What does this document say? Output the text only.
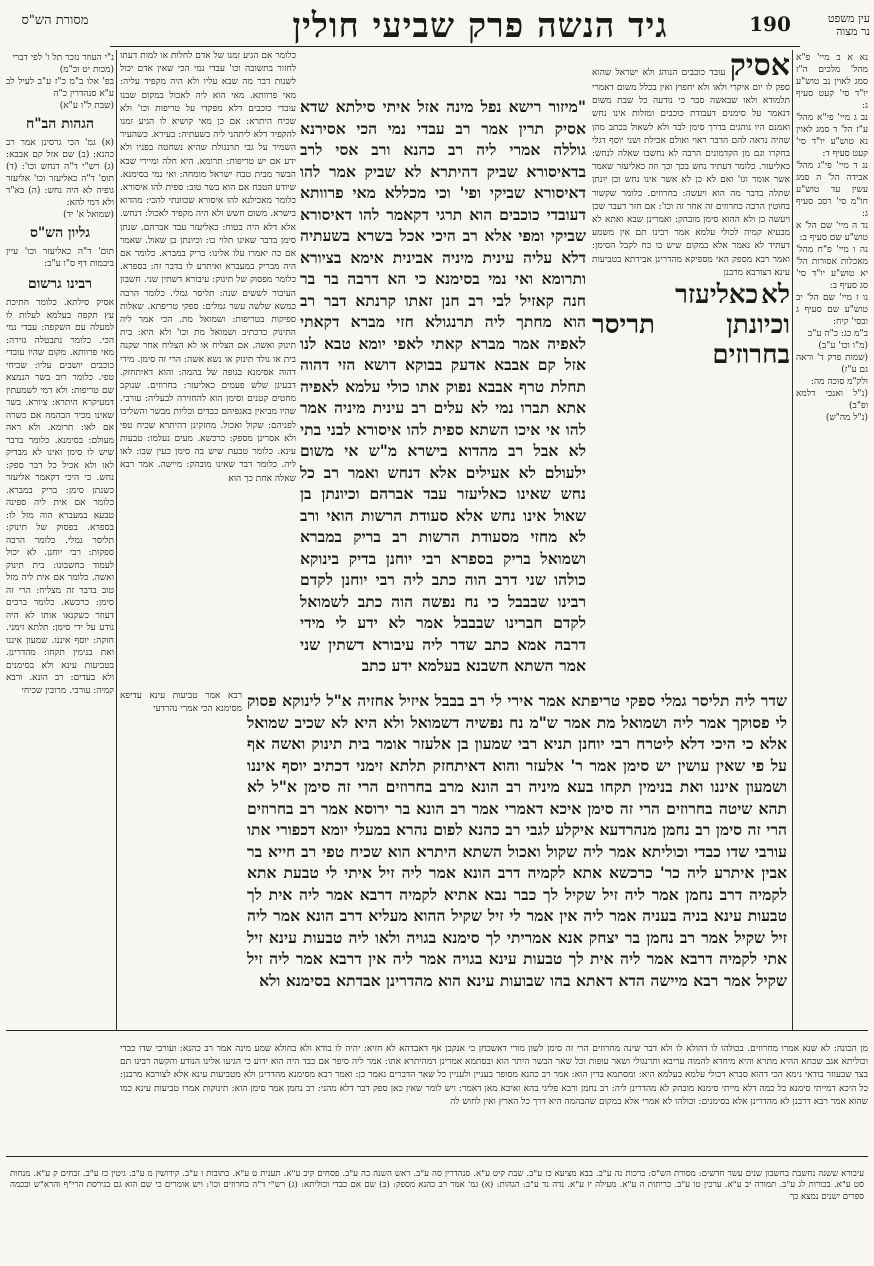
190
גיד הנשה פרק שביעי חולין
מסורת הש"ס	עין משפט
נר מצוה

נא א ב מיי' פ"א מהל' מלכים ה"ז סמג לאוין נב טוש"ע יו"ד סי' קעט סעיף ג:

נב ג מיי' פי"א מהל' ע"ז הל' ד סמג לאוין נא טוש"ע יו"ד סי' קעט סעיף ד:

נג ד מיי' פי"ג מהל' אבידה הל' ה סמג עשין עד טוש"ע חו"מ סי' רסב סעיף ג:

נד ה מיי' שם הל' א טוש"ע שם סעיף ב:

נה ו מיי' פ"ח מהל' מאכלות אסורות הל' יא טוש"ע יו"ד סי' סג סעיף ב:

נו ז מיי' שם הל' יב טוש"ע שם סעיף ג ובסי' קיח:

ב"מ כג: כ"ה ע"ב

(מ"ו וכו' ע"ב)

(שמות פרק ד' וראה גם ע"ז)

ולק"מ סוכה מה:

(נ"ל ואנכי דלמא ופ"ב)

(נ"ל מה"ש)

אסיק עובד כוכבים הנוהג ולא ישראל שהוא ספק לו יום איקרי ולאו ולא יחפוץ ואין בכלל משום דאמרי תלמודא ולאו שבאשה סבר כי נודעה כל שבת משום דנאמר על סימנים דעבודת כוכבים ומזלות אינו נחש ואמנם היו נוהגים בדרך סימן לבד ולא לשאול בכתב מהן שהיה נראה להם הדבר ראוי ואולם אכילת ושני יוסף דגלי בחקרו וגם מן הקדמונים הרבה לא נחשבו שאלה לנחש: כאליעזר. כלומר דעתיד נחש בכך וכך וזה כאליעזר שאמר אשר אומר וגו' ואם לא כן לא אשר אינו נחש וכן יונתן שתלה בדבר מה הוא ויעשה: בחרוזים. כלומר שקשור בחוטין הרבה כחרוזים זה אחר זה וכו': אם חזר דעבר שכן ויעשה כן ולא ההוא סימן מובהק: ואמרינן שבא ואתא לא מבעיא קמיה לכולי עלמא אמר רבינו תם אין משמע דעתיד לא נאמר אלא במקום שיש בו כח לקבל הסימן: ואמר רבא מספק האי מספיקא מהדרינן אבידתא בטביעות עינא דצורבא מרבנן
לא כאליעזר
וכיונתן תריסר בחרוזים

"מיזור רישא נפל מינה אזל איתי סילתא שדא אסיק תרין אמר רב עבדי נמי הכי אסירנא גוללה אמרי ליה רב כהנא ורב אסי לרב בדאיסורא שביק דהיתרא לא שביק אמר להו דאיסורא שביקי ופי' וכי מכללא מאי פרוותא דעובדי כוכבים הוא תרגי דקאמר להו דאיסורא שביקי ומפי אלא רב היכי אכל בשרא בשעתיה דלא עליה עינית מיניה אבינית אימא בציורא ותרומא ואי נמי בסימנא כי הא דרבה בר בר חנה קאזיל לבי רב חנן זאתו קרנתא דבר רב הוא מחתך ליה תרנגולא חזי מברא דקאתי לאפיה אמר מברא קאתי לאפי יומא טבא לנו אזל קם אבבא אדעק בבוקא דושא הזי דהוה תחלת טרף אבבא נפוק אתו כולי עלמא לאפיה אתא תברו נמי לא עלים רב עינית מיניה אמר להו אי איכו השתא ספית להו איסורא לבני בתי לא אבל רב מהדוא בישרא מ"ש אי משום ילעולם לא אעילים אלא דנחש ואמר רב כל נחש שאינו כאליעזר עבד אברהם וכיונתן בן שאול אינו נחש אלא סעודת הרשות הואי ורב לא מחזי מסעודת הרשות רב בריק במברא ושמואל בריק בספרא רבי יוחנן בדיק בינוקא כולהו שני דרב הוה כתב ליה רבי יוחנן לקדם רבינו שבבבל כי נח נפשה הוה כתב לשמואל לקדם חברינו שבבבל אמר לא ידע לי מידי דרבה אמא כתב שדר ליה עיבורא דשתין שני אמר השתא חשבנא בעלמא ידע כתב

כלומר אם הגיע זמנו של אדם לחלות או למות דעתו לחזור בתשובה וכו' עבדי נמי הכי שאין אדם יכול לשנות דבר מה שבא עליו ולא היה מקפיד עליה: מאי פרוותא. מאי הוא ליה לאכול במקום שבנו עובדי כוכבים דלא מפקדי על טריפות וכו' ולא שכיח היתרא: אם כן מאי קושיא לו הגיע זמנו להקפיד דלא ליתהני ליה בשעתיה: בעירא. כשהעיר השמיר על גבי תרנגולת שהיא נשחטה בפניו ולא ידע אם יש טריפות: תרומא. היא חלה ומיירי שבא הבשר מבית טבח ישראל מומחה: ואי נמי בסימנא. שיודע הטבח אם הוא בשר טוב: ספית להו איסורא. כלומר מאכילנא להו איסורא שכוונתי להכי: מהדוא בישרא. משום חשש ולא היה מקפיד לאכול: דנחש. אלא דלא היה בטוח: כאליעזר עבד אברהם. שנתן סימן בדבר שאינו תלוי בו: וכיונתן בן שאול. שאמר אם כה יאמרו עלו אלינו: בריק במברא. כלומר אם היה מבריק במעברא ואיתרע לו בדבר זה: בספרא. כלומר מפסוק של תינוק: עיבורא דשתין שני. חשבון העיבור לששים שנה: תליסר גמלי. כלומר הרבה כמשא שלשה עשר גמלים: ספקי טריפתא. שאלות ספיקות בטריפות: ושמואל מת. הכי אמר ליה התינוק כדכתיב ושמואל מת וכו' ולא היא: בית תינוק ואשה. אם הצליח או לא הצליח אחר שקנה בית או נולד תינוק או נשא אשה: הרי זה סימן. מידי דהוה אסימנא בגופה של בהמה: והוא דאיתחזק. דבעינן שלש פעמים כאליעזר: בחרוזים. שנוקב מחטים קטנים וסימן הוא להחזירה לבעליה: עורבי. שהיו מביאין באגפיהם כבדים וכליות מבשר והשליכו לפניהם: שקול ואכול. מחזקינן דהיתרא שכיח טפי ולא אסרינן מספק: כרכשא. מעים נעלמו: טבעות עינא. כלומר טבעת שיש בה סימן כעין שבו: לאו ליה. כלומר דבר שאינו מובהק: מיישה. אמר רבא שאלה אחת כך הוא

שדר ליה תליסר גמלי ספקי טריפתא אמר אירי לי רב בבבל איזיל אחזיה א"ל לינוקא פסוק לי פסוקך אמר ליה ושמואל מת אמר ש"מ נח נפשיה דשמואל ולא היא לא שכיב שמואל אלא כי היכי דלא ליטרח רבי יוחנן תניא רבי שמעון בן אלעזר אומר בית תינוק ואשה אף על פי שאין עושין יש סימן אמר ר' אלעזר והוא דאיתחזק תלתא זימני דכתיב יוסף איננו ושמעון איננו ואת בנימין תקחו בעא מיניה רב הונא מרב בחרוזים הרי זה סימן א"ל לא תהא שיטה בחרוזים הרי זה סימן איכא דאמרי אמר רב הונא בר ירוסא אמר רב בחרוזים הרי זה סימן רב נחמן מנהרדעא איקלע לגבי רב כהנא לפום נהרא במעלי יומא דכפורי אתו עורבי שדו כבדי וכוליתא אמר ליה שקול ואכול השתא היתרא הוא שכיח טפי רב חייא בר אבין איתרע ליה כר' כרכשא אתא לקמיה דרב הונא אמר ליה זיל איתי לי טבעת אתא לקמיה דרב נחמן אמר ליה זיל שקיל לך כבר נבא אתיא לקמיה דרבא אמר ליה אית לך טבעות עינא בניה בעניה אמר ליה אין אמר לי זיל שקיל ההוא מעליא דרב הונא אמר ליה זיל שקיל אמר רב נחמן בר יצחק אנא אמריתי לך סימנא בגויה ולאו ליה טבעות עינא זיל אתי לקמיה דרבא אמר ליה אית לך טבעות עינא בגויה אמר ליה אין דרבא אמר ליה זיל שקיל אמר רבא מיישה הדא דאתא בהו שבועות עינא הוא מהדרינן אבדתא בסימנא ולא

נ"י העוזר נזכר תל ו' לפי דברי

(מכות יט וכ"מ)

בפ' אלו ב"מ כ"ז ע"ב לעיל לב ע"א סנהדרין כ"ה

(שבת ל"ו ע"א)

הגהות הב"ח

(א) גמ' הכי גרסינן אמר רב כהנא: (ב) שם אזל קם אבבא: (ג) רש"י ד"ה דנחש וכו': (ד) תוס' ד"ה כאליעזר וכו' אליעזר גופיה לא היה נחש: (ה) בא"ד ולא דמי להא:

(שמואל א' יד)

גליון הש"ס

תום' ד"ה כאליעזר וכו' עיין ביבמות דף ס"ו ע"ב:

רבינו גרשום

אסיק סילתא. כלומר חתיכת עץ תקפה בעלמא לעלות לו למעלה עם השקפה: עבדי נמי הכי. כלומר נתבטלה גזירה: מאי פרוותא. מקום שהיו עובדי כוכבים יושבים עליו: שכיחי טפי. כלומר רוב בשר הנמצא שם טריפות: ולא דמי לשמעתין דמעיקרא היתרא: ציורא. בשר שאינו מכיר הבהמה אם כשרה אם לאו: תרומא. ולא ראה מעולם: בסימנא. כלומר בדבר שיש לו סימן ואינו לא מבדיק לאו ולא אכיל כל דבר ספק: נחש. כי היכי דקאמר אליעזר כשנתן סימן: בריק במברא. כלומר אם אית ליה ספינה טבעא במעברא הוה מזל לו: בספרא. בפסוק של תינוק: תליסר גמלי. כלומר הרבה ספקות: רבי יוחנן. לא יכול לעמוד בחשבונו: בית תינוק ואשה. כלומר אם אית ליה מזל טוב בדבר זה מצליח: הרי זה סימן: כרכשא. כלומר ברבים דעוזר כשקנאו אותו לא היה נודע על ידי סימן: תלתא זימני. חזקה: יוסף איננו. שמעון איננו ואת בנימין תקחו: מהדרינן. בטביעות עינא ולא בסימנים ולא בעדים: רב הונא. ורבא קמיה: עורבי. מרובין שכיחי

רבא אמר טביעות עינא עדיפא מסימנא הכי אמרי נהרדעי

מן הכונה: לא שנא אמרו מחרוזים. בכולהו לו דהולא לו ולא דבר שינה מחרוזים הרי זה סימן לשון מורי דאשכחן כי אנקבן אף דאבדהא לא חזיא: יהיה לו בודא ולא בחולא שמע מינה אמר רב כהנא: ועורבי שדו כבדי וכוליתא אגב שכחא ההיא מתרא והיא מיחדא להמוה עריבא ותרנגולי ושאר עופות וכל שאר הבשר היתר הוא ובסתמא אמרינן דמהיתרא אתו: אמר ליה סיפר אם כבד היה הוא ידוע כי הגיעו אלינו הנודע והקשה רבינו תם בצד שבעוזר בודאי נימא הכי דהוא סברא דכולי עלמא בעלמא היא: ומסתמא בדין הוא: אמר רב כהנא מסופר בעניין ולעניין כל שאר הדברים נאמר כן: ואמר רבא מסימנא מהדרינן ולא מטביעות עינא אלא לצורבא מרבנן: כל היכא דמייתי סימנא כל כמה דלא מייתי סימנא מובהק לא מהדרינן ליה: רב נחמן ורבא פליגי בהא ואיכא מאן דאמר: ויש לומר שאין כאן ספק דבר דלא מהני: רב נחמן אמר סימן הוא: תינוקות אמרו טביעות עינא כמו שהוא אמר רבא דרבנן לא מהדרינן אלא בסימנים: וכולהו לא אמרי אלא במקום שהבהמה היא דרך כל הארץ ואין לחוש לה

עיבורא ששנה נחשבת בחשבון שנים עשר חדשים: מסורת הש"ס: ברכות נה ע"ב. בבא מציעא כז ע"ב. שבת קיט ע"א. סנהדרין סה ע"ב. ראש השנה כה ע"ב. פסחים קיב ע"א. תענית ט ע"א. כתובות ו ע"ב. קידושין מ ע"ב. גיטין כז ע"ב. זבחים ק ע"א. מנחות סט ע"א. בכורות לג ע"ב. תמורה יב ע"א. ערכין טו ע"ב. כריתות ה ע"א. מעילה יז ע"א. נדה נד ע"ב: הגהות: (א) גמ' אמר רב כהנא מספק: (ב) שם אם כבדי וכוליתא: (ג) רש"י ד"ה בחרוזים וכו': ויש אומרים כי שם הוא גם בגירסת הרי"ף והרא"ש ובכמה ספרים ישנים נמצא כך
